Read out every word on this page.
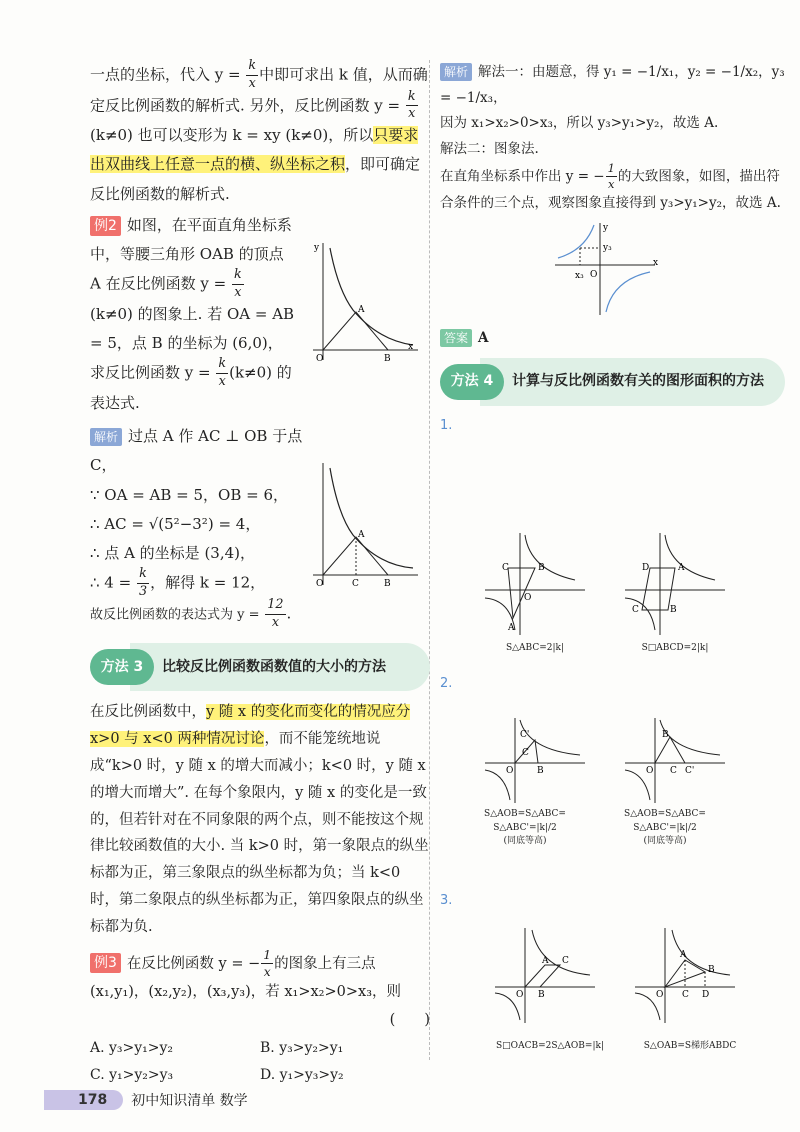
一点的坐标，代入 $y = \frac{k}{x}$ 中即可求出 k 值，从而确
定反比例函数的解析式. 另外，反比例函数 $y = \frac{k}{x}$

(k≠0) 也可以变形为 k = xy (k≠0)，所以只要求出双曲线上任意一点的横、纵坐标之积，即可确定反比例函数的解析式.

例2 如图，在平面直角坐标系中，等腰三角形 OAB 的顶点
A 在反比例函数 $y = \frac{k}{x}$

(k≠0) 的图象上. 若 OA = AB = 5，点 B 的坐标为 (6,0)，求反比例函数 $y = \frac{k}{x} (k\ne 0)$ 的表达式.

解析 过点 A 作 AC ⊥ OB 于点 C，
∵ OA = AB = 5，OB = 6，
∴ AC = √(5²−3²) = 4，
∴ 点 A 的坐标是 (3,4)，
∴ $4 = \frac{k}{3}$ ，解得 k = 12，
故反比例函数的表达式为 $y = \frac{12}{x}$ .
方法 3	比较反比例函数函数值的大小的方法

在反比例函数中，y 随 x 的变化而变化的情况应分 x>0 与 x<0 两种情况讨论，而不能笼统地说成“k>0 时，y 随 x 的增大而减小；k<0 时，y 随 x 的增大而增大”. 在每个象限内，y 随 x 的变化是一致的，但若针对在不同象限的两个点，则不能按这个规律比较函数值的大小. 当 k>0 时，第一象限点的纵坐标都为正，第三象限点的纵坐标都为负；当 k<0 时，第二象限点的纵坐标都为正，第四象限点的纵坐标都为负.

例3 在反比例函数 y = − $\frac{1}{x}$ 的图象上有三点 (x₁,y₁)，(x₂,y₂)，(x₃,y₃)，若 x₁>x₂>0>x₃，则
(　　)
A. y₃>y₁>y₂	B. y₃>y₂>y₁
C. y₁>y₂>y₃	D. y₁>y₃>y₂
O
A
B
x
y
O
A
C	B
解析 解法一：由题意，得 y₁ = −1/x₁，y₂ = −1/x₂，y₃ = −1/x₃，
因为 x₁>x₂>0>x₃，所以 y₃>y₁>y₂，故选 A.
解法二：图象法.
在直角坐标系中作出 y = − $\frac{1}{x}$ 的大致图象，如图，描出符合条件的三个点，观察图象直接得到 y₃>y₁>y₂，故选 A.
y₃
x₃ O
x
y
答案 A
方法 4	计算与反比例函数有关的图形面积的方法
1.
B
C
O
A
S△ABC=2|k|
D	A
B
C
S□ABCD=2|k|
2.
C'
C
O	B
S△AOB=S△ABC=
S△ABC'=|k|/2
(同底等高)
B
O C C'
S△AOB=S△ABC=
S△ABC'=|k|/2
(同底等高)
3.
A C
O B
S□OACB=2S△AOB=|k|
A
B
O C D
S△OAB=S梯形ABDC
178	初中知识清单
数学
